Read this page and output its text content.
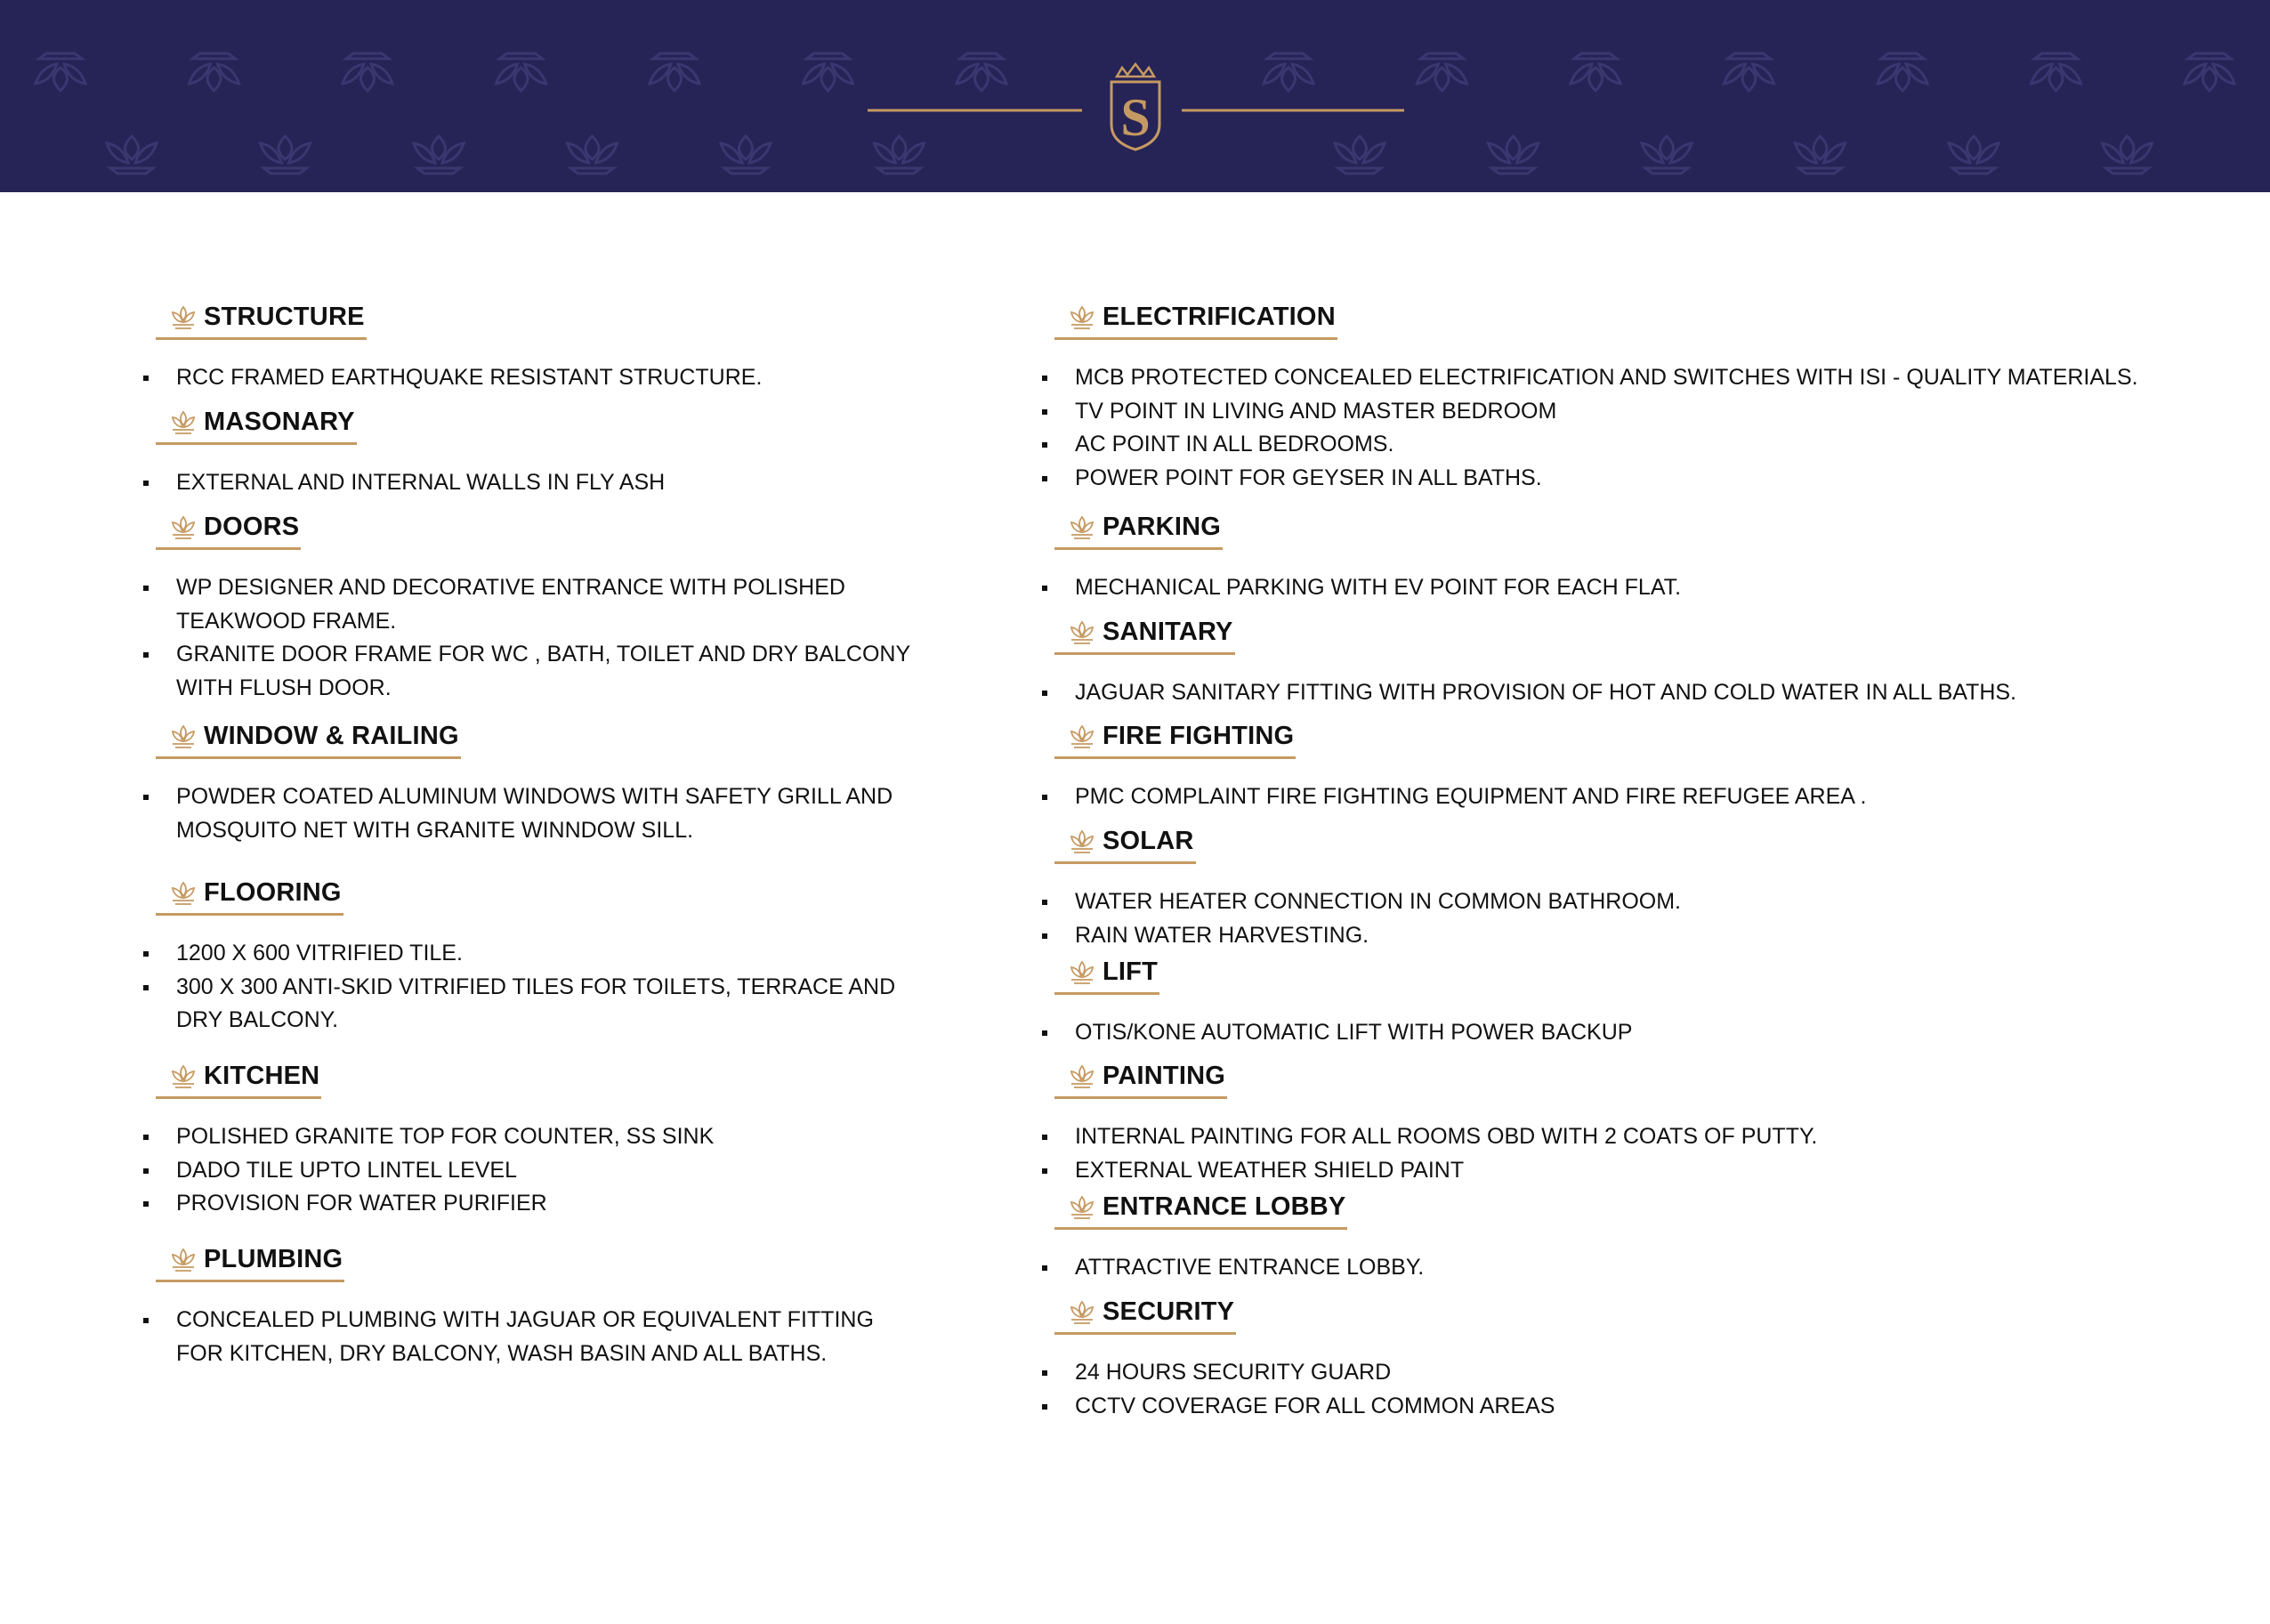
S
STRUCTURE
RCC FRAMED EARTHQUAKE RESISTANT STRUCTURE.
MASONARY
EXTERNAL AND INTERNAL WALLS IN FLY ASH
DOORS
WP DESIGNER AND DECORATIVE ENTRANCE WITH POLISHED TEAKWOOD FRAME.
GRANITE DOOR FRAME FOR WC , BATH, TOILET AND DRY BALCONY WITH FLUSH DOOR.
WINDOW & RAILING
POWDER COATED ALUMINUM WINDOWS WITH SAFETY GRILL AND MOSQUITO NET WITH GRANITE WINNDOW SILL.
FLOORING
1200 X 600 VITRIFIED TILE.
300 X 300 ANTI-SKID VITRIFIED TILES FOR TOILETS, TERRACE AND DRY BALCONY.
KITCHEN
POLISHED GRANITE TOP FOR COUNTER, SS SINK
DADO TILE UPTO LINTEL LEVEL
PROVISION FOR WATER PURIFIER
PLUMBING
CONCEALED PLUMBING WITH JAGUAR OR EQUIVALENT FITTING FOR KITCHEN, DRY BALCONY, WASH BASIN AND ALL BATHS.
ELECTRIFICATION
MCB PROTECTED CONCEALED ELECTRIFICATION AND SWITCHES WITH ISI - QUALITY MATERIALS.
TV POINT IN LIVING AND MASTER BEDROOM
AC POINT IN ALL BEDROOMS.
POWER POINT FOR GEYSER IN ALL BATHS.
PARKING
MECHANICAL PARKING WITH EV POINT FOR EACH FLAT.
SANITARY
JAGUAR SANITARY FITTING WITH PROVISION OF HOT AND COLD WATER IN ALL BATHS.
FIRE FIGHTING
PMC COMPLAINT FIRE FIGHTING EQUIPMENT AND FIRE REFUGEE AREA .
SOLAR
WATER HEATER CONNECTION IN COMMON BATHROOM.
RAIN WATER HARVESTING.
LIFT
OTIS/KONE AUTOMATIC LIFT WITH POWER BACKUP
PAINTING
INTERNAL PAINTING FOR ALL ROOMS OBD WITH 2 COATS OF PUTTY.
EXTERNAL WEATHER SHIELD PAINT
ENTRANCE LOBBY
ATTRACTIVE ENTRANCE LOBBY.
SECURITY
24 HOURS SECURITY GUARD
CCTV COVERAGE FOR ALL COMMON AREAS
